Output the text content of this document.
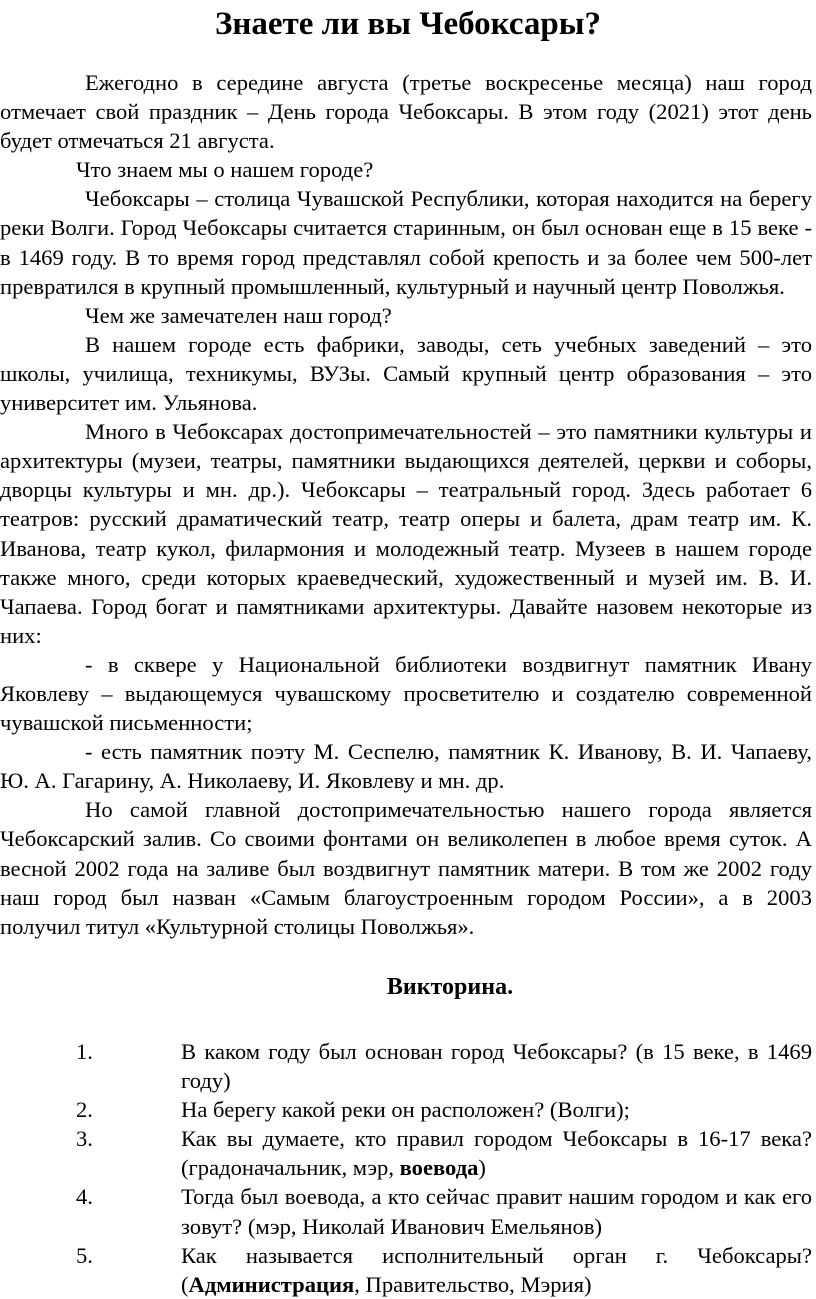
Знаете ли вы Чебоксары?

Ежегодно в середине августа (третье воскресенье месяца) наш город отмечает свой праздник – День города Чебоксары. В этом году (2021) этот день будет отмечаться 21 августа.

Что знаем мы о нашем городе?

Чебоксары – столица Чувашской Республики, которая находится на берегу реки Волги. Город Чебоксары считается старинным, он был основан еще в 15 веке - в 1469 году. В то время город представлял собой крепость и за более чем 500-лет превратился в крупный промышленный, культурный и научный центр Поволжья.

Чем же замечателен наш город?

В нашем городе есть фабрики, заводы, сеть учебных заведений – это школы, училища, техникумы, ВУЗы. Самый крупный центр образования – это университет им. Ульянова.

Много в Чебоксарах достопримечательностей – это памятники культуры и архитектуры (музеи, театры, памятники выдающихся деятелей, церкви и соборы, дворцы культуры и мн. др.). Чебоксары – театральный город. Здесь работает 6 театров: русский драматический театр, театр оперы и балета, драм театр им. К. Иванова, театр кукол, филармония и молодежный театр. Музеев в нашем городе также много, среди которых краеведческий, художественный и музей им. В. И. Чапаева. Город богат и памятниками архитектуры. Давайте назовем некоторые из них:

- в сквере у Национальной библиотеки воздвигнут памятник Ивану Яковлеву – выдающемуся чувашскому просветителю и создателю современной чувашской письменности;

- есть памятник поэту М. Сеспелю, памятник К. Иванову, В. И. Чапаеву, Ю. А. Гагарину, А. Николаеву, И. Яковлеву и мн. др.

Но самой главной достопримечательностью нашего города является Чебоксарский залив. Со своими фонтами он великолепен в любое время суток. А весной 2002 года на заливе был воздвигнут памятник матери. В том же 2002 году наш город был назван «Самым благоустроенным городом России», а в 2003 получил титул «Культурной столицы Поволжья».

Викторина.
1.	В каком году был основан город Чебоксары? (в 15 веке, в 1469 году)
2.	На берегу какой реки он расположен? (Волги);
3.	Как вы думаете, кто правил городом Чебоксары в 16-17 века? (градоначальник, мэр, воевода)
4.	Тогда был воевода, а кто сейчас правит нашим городом и как его зовут? (мэр, Николай Иванович Емельянов)
5.	Как называется исполнительный орган г. Чебоксары? (Администрация, Правительство, Мэрия)
